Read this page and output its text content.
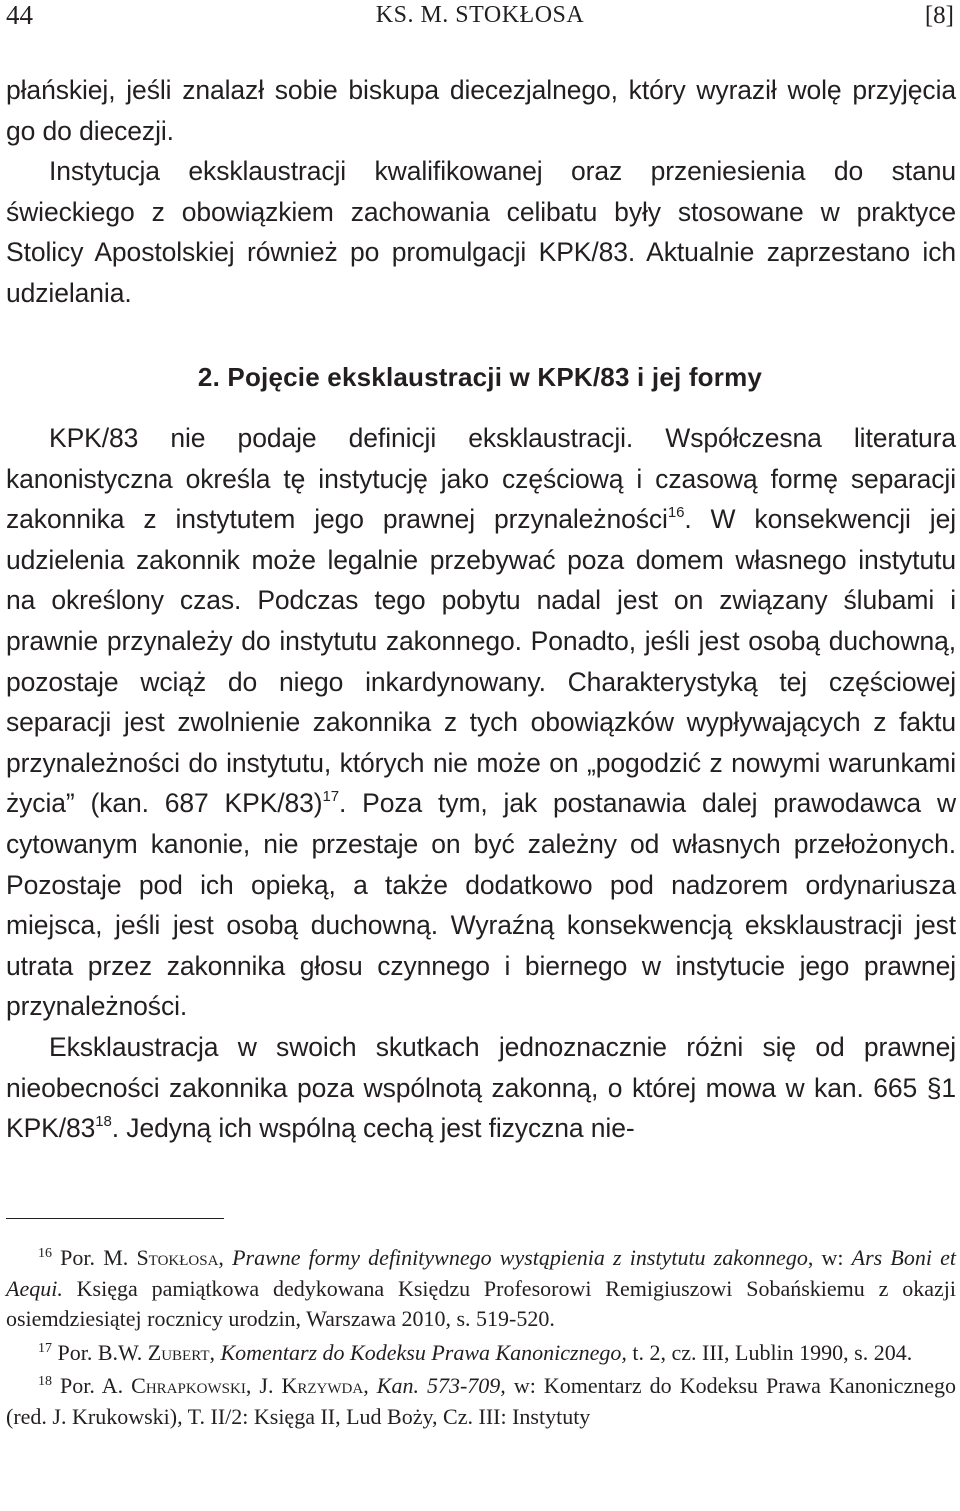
44	KS. M. STOKŁOSA	[8]

płańskiej, jeśli znalazł sobie biskupa diecezjalnego, który wyraził wolę przyjęcia go do diecezji.

Instytucja eksklaustracji kwalifikowanej oraz przeniesienia do stanu świeckiego z obowiązkiem zachowania celibatu były stosowane w praktyce Stolicy Apostolskiej również po promulgacji KPK/83. Aktualnie zaprzestano ich udzielania.

2. Pojęcie eksklaustracji w KPK/83 i jej formy

KPK/83 nie podaje definicji eksklaustracji. Współczesna literatura kanonistyczna określa tę instytucję jako częściową i czasową formę separacji zakonnika z instytutem jego prawnej przynależności$^{16}$. W konsekwencji jej udzielenia zakonnik może legalnie przebywać poza domem własnego instytutu na określony czas. Podczas tego pobytu nadal jest on związany ślubami i prawnie przynależy do instytutu zakonnego. Ponadto, jeśli jest osobą duchowną, pozostaje wciąż do niego inkardynowany. Charakterystyką tej częściowej separacji jest zwolnienie zakonnika z tych obowiązków wypływających z faktu przynależności do instytutu, których nie może on „pogodzić z nowymi warunkami życia” (kan. 687 KPK/83)$^{17}$. Poza tym, jak postanawia dalej prawodawca w cytowanym kanonie, nie przestaje on być zależny od własnych przełożonych. Pozostaje pod ich opieką, a także dodatkowo pod nadzorem ordynariusza miejsca, jeśli jest osobą duchowną. Wyraźną konsekwencją eksklaustracji jest utrata przez zakonnika głosu czynnego i biernego w instytucie jego prawnej przynależności.

Eksklaustracja w swoich skutkach jednoznacznie różni się od prawnej nieobecności zakonnika poza wspólnotą zakonną, o której mowa w kan. 665 §1 KPK/$83^{18}$. Jedyną ich wspólną cechą jest fizyczna nie-

$^{16}$ Por. M. Stokłosa, Prawne formy definitywnego wystąpienia z instytutu zakonnego, w: Ars Boni et Aequi. Księga pamiątkowa dedykowana Księdzu Profesorowi Remigiuszowi Sobańskiemu z okazji osiemdziesiątej rocznicy urodzin, Warszawa 2010, s. 519-520.

$^{17}$ Por. B.W. Zubert, Komentarz do Kodeksu Prawa Kanonicznego, t. 2, cz. III, Lublin 1990, s. 204.

$^{18}$ Por. A. Chrapkowski, J. Krzywda, Kan. 573-709, w: Komentarz do Kodeksu Prawa Kanonicznego (red. J. Krukowski), T. II/2: Księga II, Lud Boży, Cz. III: Instytuty
